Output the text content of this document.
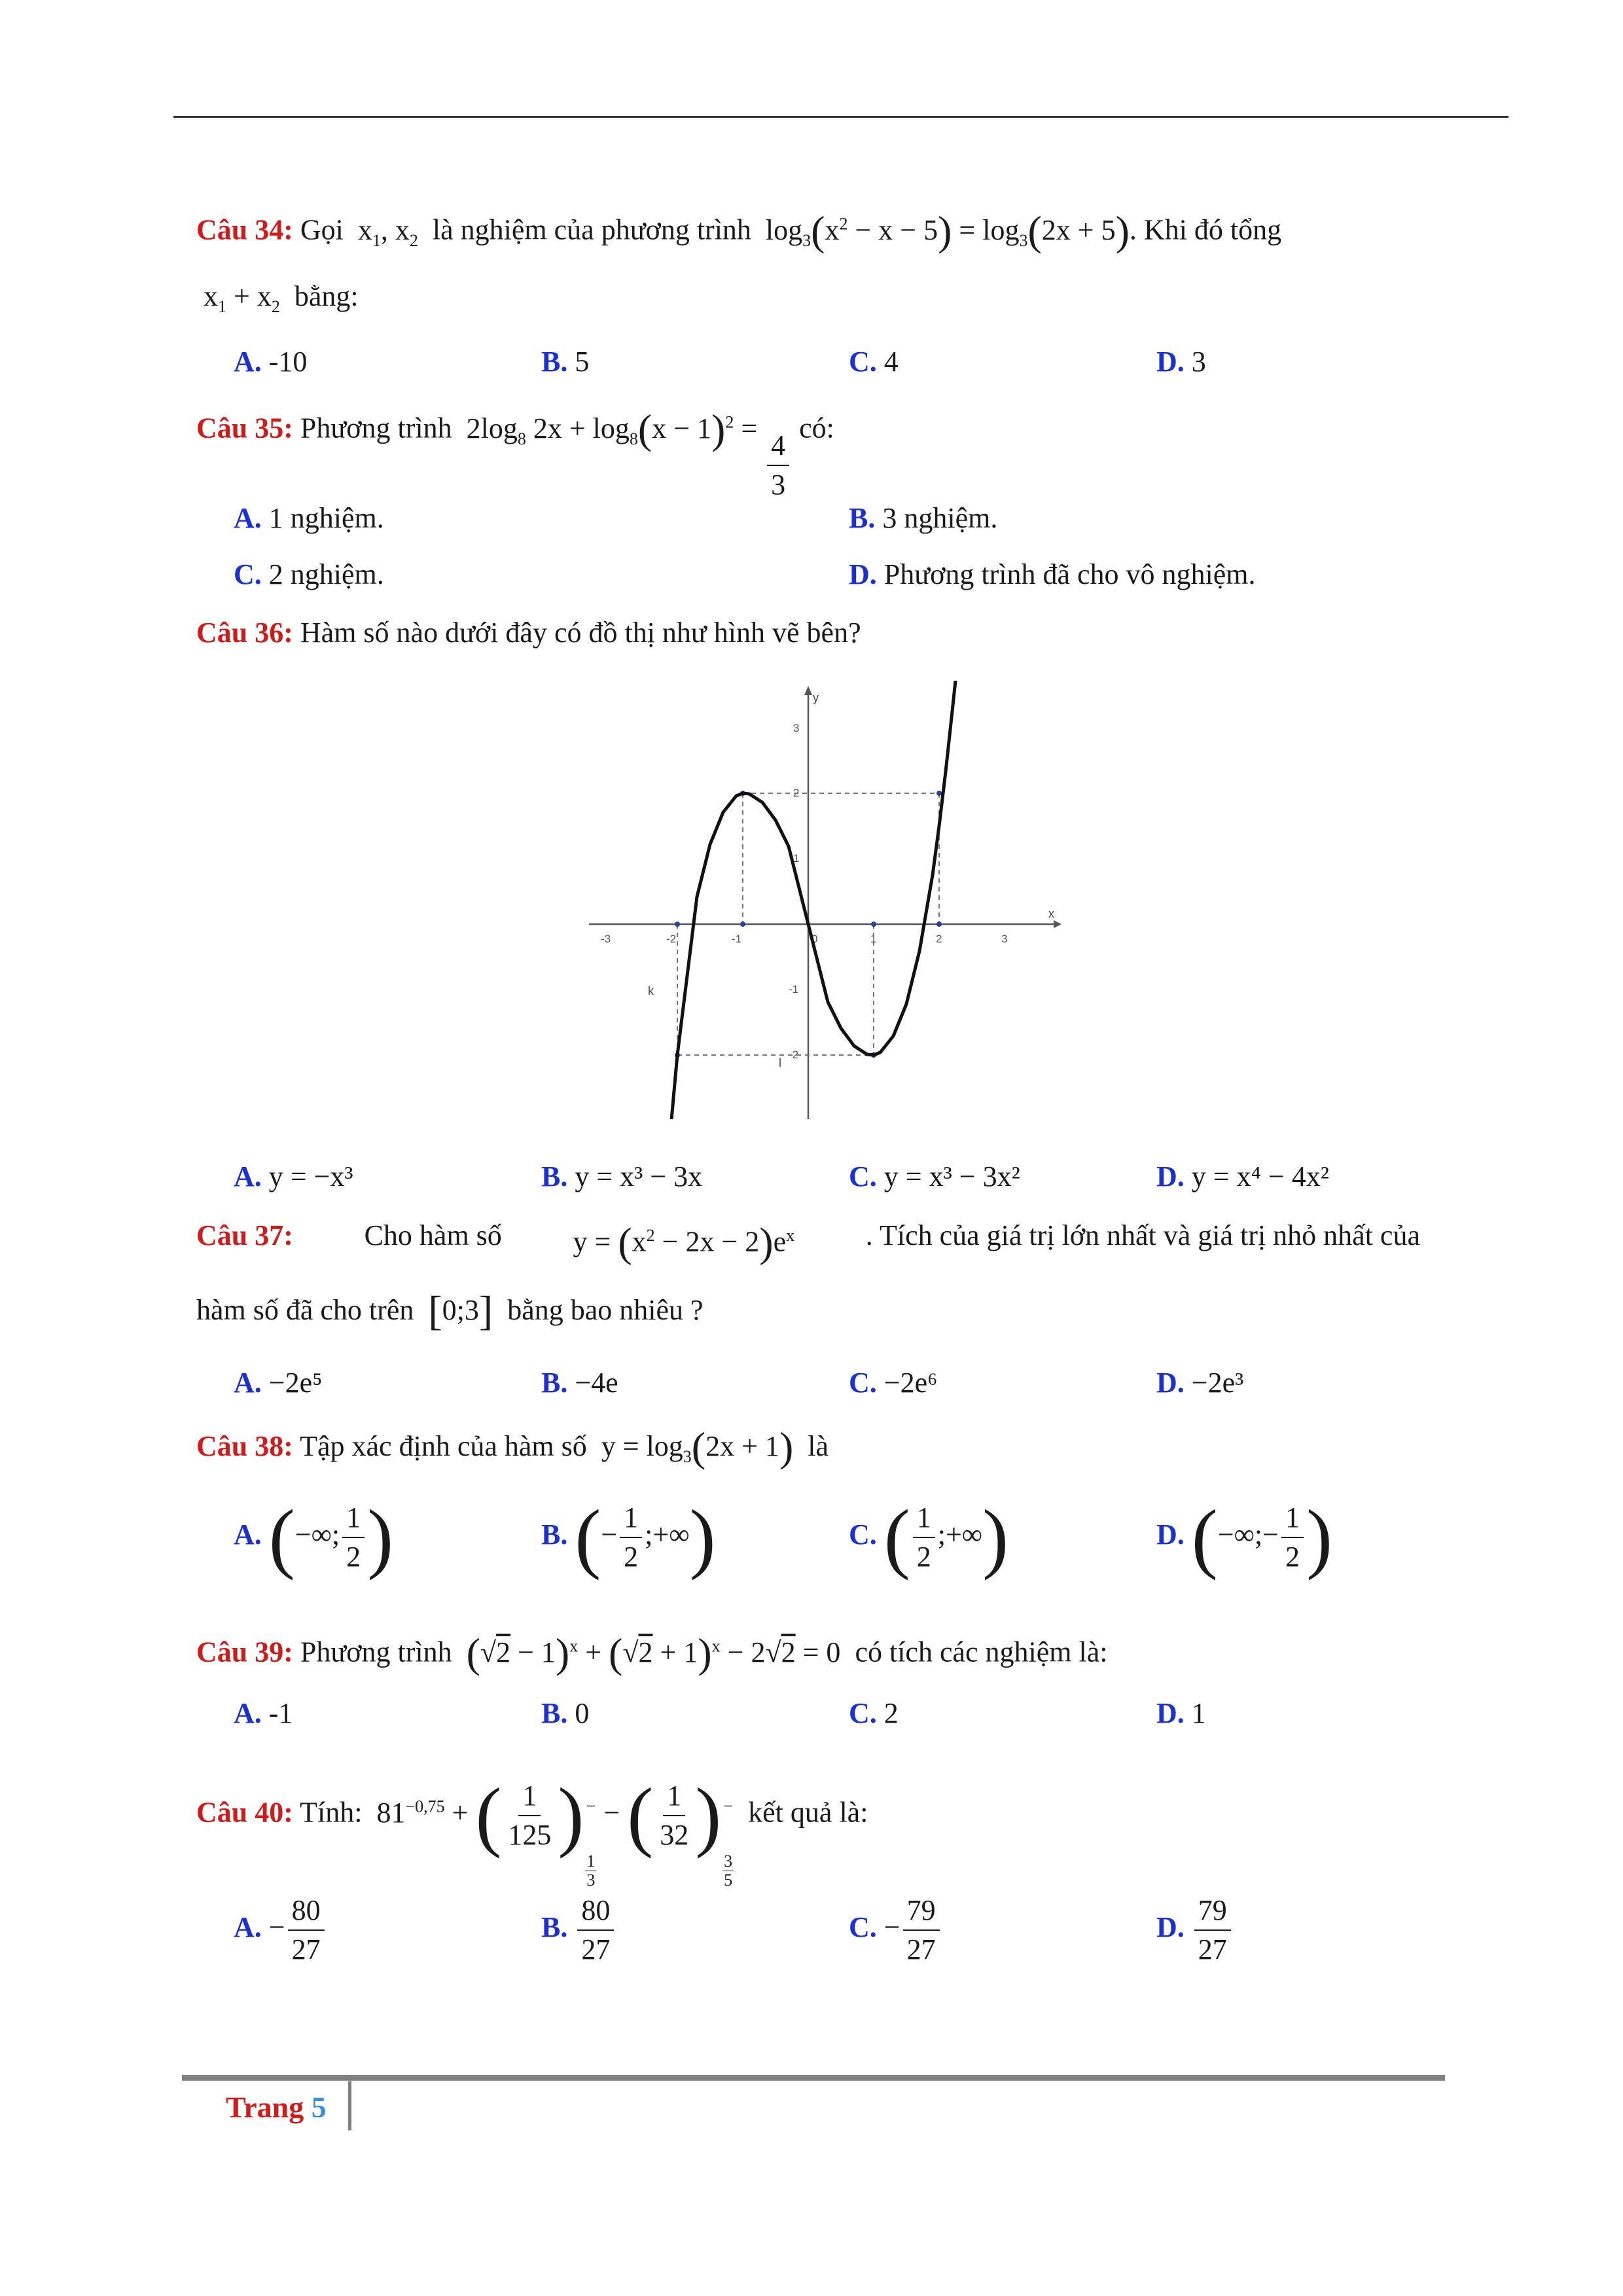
Câu 34: Gọi  $x_1$, $x_2$ là nghiệm của phương trình  $\log_3(x^2 - x - 5) = \log_3(2x + 5)$. Khi đó tổng
$x_1 + x_2$ bằng:
A. -10	B. 5	C. 4	D. 3
Câu 35: Phương trình  $2\log_8$ $2x + \log_8(x - 1)^2 = \frac{4}{3}$ có:
A. 1 nghiệm.	B. 3 nghiệm.
C. 2 nghiệm.	D. Phương trình đã cho vô nghiệm.
Câu 36: Hàm số nào dưới đây có đồ thị như hình vẽ bên?
x
y
-3	-2	-1	0	1	2	3
3
2
1
-1
-2
k
l
A. y = −x³	B. y = x³ − 3x	C. y = x³ − 3x²	D. y = x⁴ − 4x²
Câu 37: Cho hàm số $y = (x^2 - 2x - 2)e^x$ . Tích của giá trị lớn nhất và giá trị nhỏ nhất của
hàm số đã cho trên [0;3] bằng bao nhiêu ?
A. −2e⁵	B. −4e	C. −2e⁶	D. −2e³
Câu 38: Tập xác định của hàm số  $y = \log_3(2x + 1)$ là
A. (−∞; $\frac{1}{2}$ )	B. (− $\frac{1}{2}$ ;+∞)	C. ( $\frac{1}{2}$ ;+∞)	D. (−∞;− $\frac{1}{2}$ )
Câu 39: Phương trình $(√2 - 1)^x + (√2 + 1)^x - 2√2 = 0$  có tích các nghiệm là:
A. -1	B. 0	C. 2	D. 1
Câu 40: Tính:  $81^{-0,75}$ + ( $\frac{1}{125}$ ) −
1
3
− ( $\frac{1}{32}$ ) −
3
5
kết quả là:
A. − $\frac{80}{27}$	B. $\frac{80}{27}$	C. − $\frac{79}{27}$	D. $\frac{79}{27}$
Trang 5
